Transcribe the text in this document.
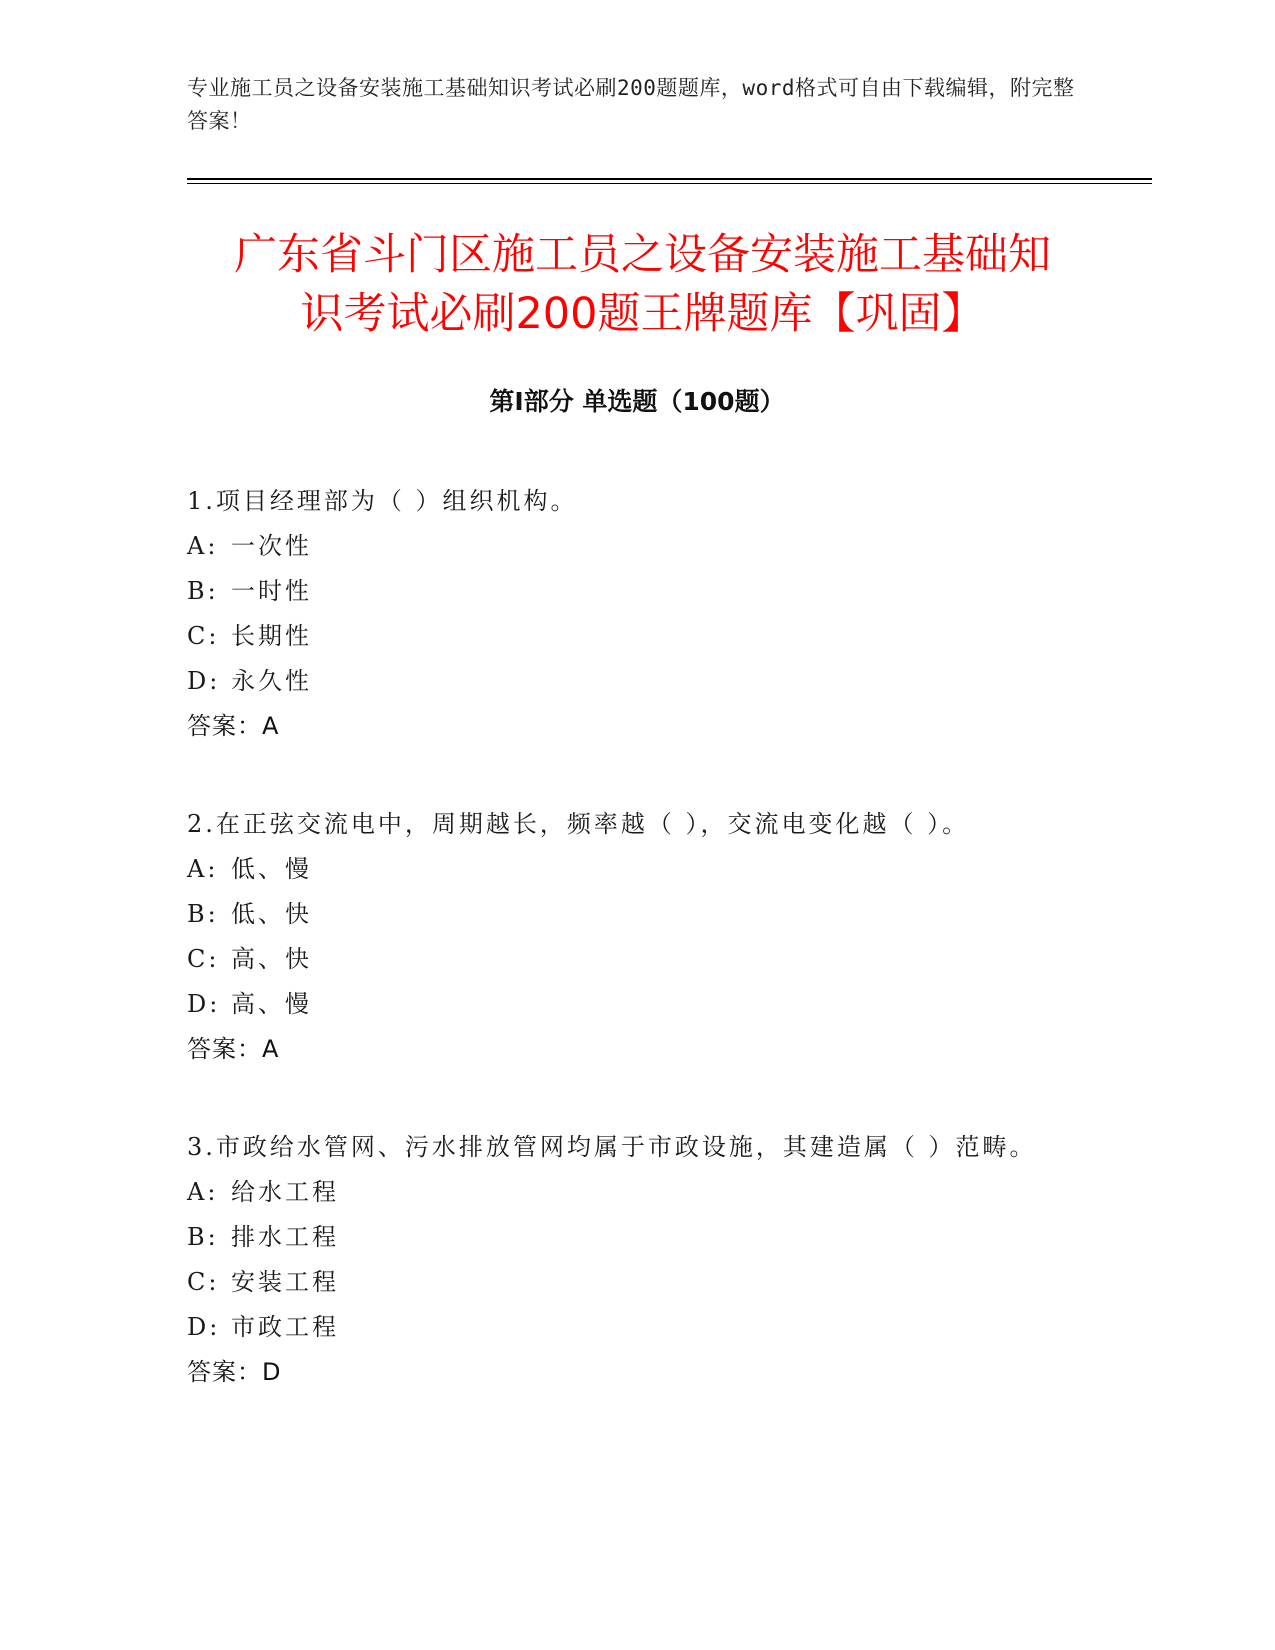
专业施工员之设备安装施工基础知识考试必刷200题题库，word格式可自由下载编辑，附完整答案！
广东省斗门区施工员之设备安装施工基础知
识考试必刷200题王牌题库【巩固】
第Ⅰ部分 单选题（100题）
1.项目经理部为（ ）组织机构。
A: 一次性
B: 一时性
C: 长期性
D: 永久性
答案：A
2.在正弦交流电中，周期越长，频率越（ ），交流电变化越（ ）。
A: 低、慢
B: 低、快
C: 高、快
D: 高、慢
答案：A
3.市政给水管网、污水排放管网均属于市政设施，其建造属（ ）范畴。
A: 给水工程
B: 排水工程
C: 安装工程
D: 市政工程
答案：D
